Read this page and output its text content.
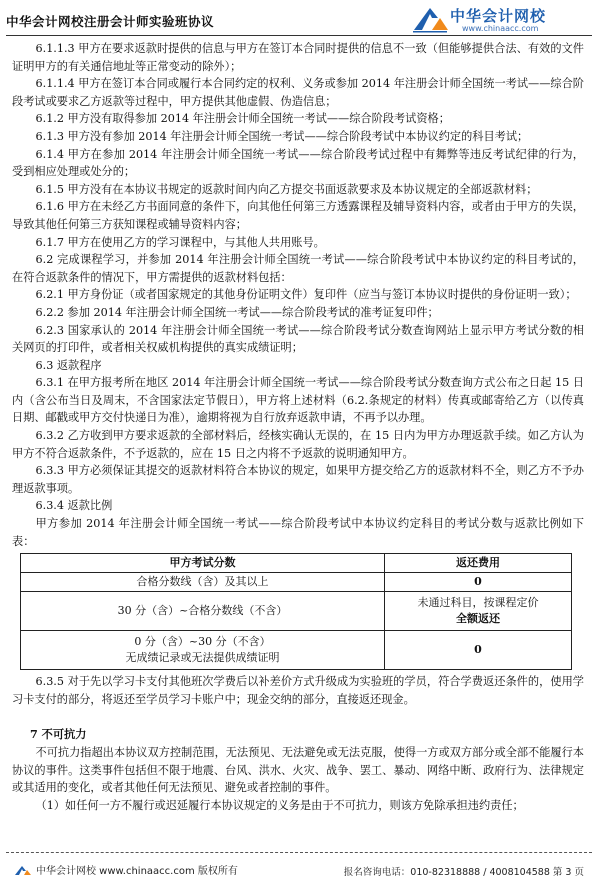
中华会计网校注册会计师实验班协议	中华会计网校
www.chinaacc.com

6.1.1.3 甲方在要求返款时提供的信息与甲方在签订本合同时提供的信息不一致（但能够提供合法、有效的文件证明甲方的有关通信地址等正常变动的除外）；

6.1.1.4 甲方在签订本合同或履行本合同约定的权利、义务或参加 2014 年注册会计师全国统一考试——综合阶段考试或要求乙方返款等过程中，甲方提供其他虚假、伪造信息；

6.1.2 甲方没有取得参加 2014 年注册会计师全国统一考试——综合阶段考试资格；

6.1.3 甲方没有参加 2014 年注册会计师全国统一考试——综合阶段考试中本协议约定的科目考试；

6.1.4 甲方在参加 2014 年注册会计师全国统一考试——综合阶段考试过程中有舞弊等违反考试纪律的行为，受到相应处理或处分的；

6.1.5 甲方没有在本协议书规定的返款时间内向乙方提交书面返款要求及本协议规定的全部返款材料；

6.1.6 甲方在未经乙方书面同意的条件下，向其他任何第三方透露课程及辅导资料内容，或者由于甲方的失误，导致其他任何第三方获知课程或辅导资料内容；

6.1.7 甲方在使用乙方的学习课程中，与其他人共用账号。

6.2 完成课程学习，并参加 2014 年注册会计师全国统一考试——综合阶段考试中本协议约定的科目考试的，在符合返款条件的情况下，甲方需提供的返款材料包括：

6.2.1 甲方身份证（或者国家规定的其他身份证明文件）复印件（应当与签订本协议时提供的身份证明一致）；

6.2.2 参加 2014 年注册会计师全国统一考试——综合阶段考试的准考证复印件；

6.2.3 国家承认的 2014 年注册会计师全国统一考试——综合阶段考试分数查询网站上显示甲方考试分数的相关网页的打印件，或者相关权威机构提供的真实成绩证明；

6.3 返款程序

6.3.1 在甲方报考所在地区 2014 年注册会计师全国统一考试——综合阶段考试分数查询方式公布之日起 15 日内（含公布当日及周末，不含国家法定节假日），甲方将上述材料（6.2.条规定的材料）传真或邮寄给乙方（以传真日期、邮戳或甲方交付快递日为准），逾期将视为自行放弃返款申请，不再予以办理。

6.3.2 乙方收到甲方要求返款的全部材料后，经核实确认无误的，在 15 日内为甲方办理返款手续。如乙方认为甲方不符合返款条件，不予返款的，应在 15 日之内将不予返款的说明通知甲方。

6.3.3 甲方必须保证其提交的返款材料符合本协议的规定，如果甲方提交给乙方的返款材料不全，则乙方不予办理返款事项。

6.3.4 返款比例

甲方参加 2014 年注册会计师全国统一考试——综合阶段考试中本协议约定科目的考试分数与返款比例如下表：

甲方考试分数	返还费用
合格分数线（含）及其以上	0
30 分（含）~合格分数线（不含）	未通过科目，按课程定价
全额返还

0 分（含）~30 分（不含）
无成绩记录或无法提供成绩证明	0

6.3.5 对于先以学习卡支付其他班次学费后以补差价方式升级成为实验班的学员，符合学费返还条件的，使用学习卡支付的部分，将返还至学员学习卡账户中；现金交纳的部分，直接返还现金。

7 不可抗力

不可抗力指超出本协议双方控制范围，无法预见、无法避免或无法克服，使得一方或双方部分或全部不能履行本协议的事件。这类事件包括但不限于地震、台风、洪水、火灾、战争、罢工、暴动、网络中断、政府行为、法律规定或其适用的变化，或者其他任何无法预见、避免或者控制的事件。

（1）如任何一方不履行或迟延履行本协议规定的义务是由于不可抗力，则该方免除承担违约责任；

中华会计网校 www.chinaacc.com 版权所有	报名咨询电话：010-82318888 / 4008104588 第 3 页
